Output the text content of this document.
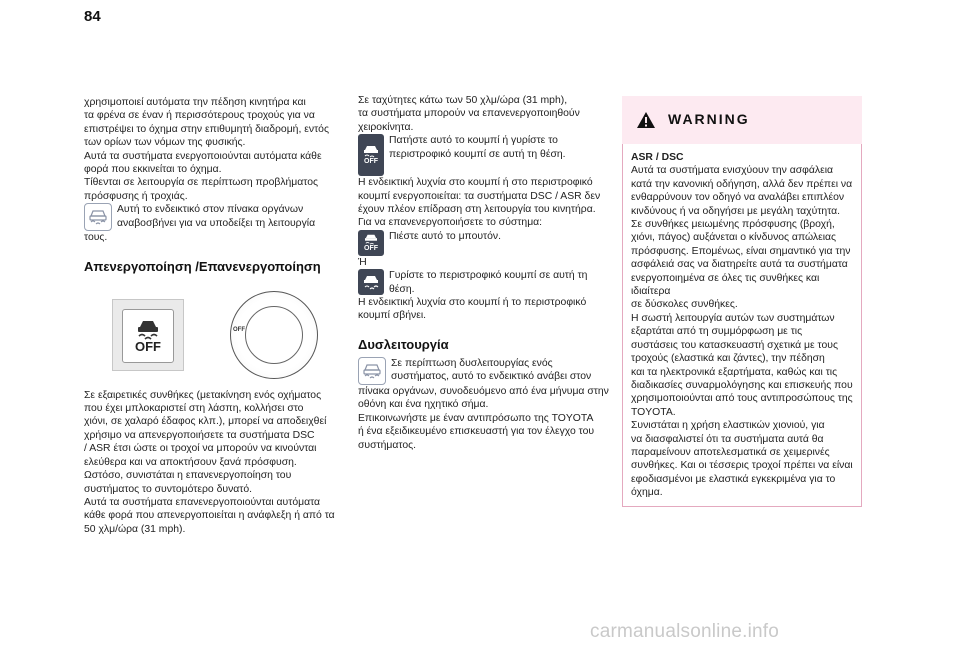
84

χρησιμοποιεί αυτόματα την πέδηση κινητήρα και

τα φρένα σε έναν ή περισσότερους τροχούς για να

επιστρέψει το όχημα στην επιθυμητή διαδρομή, εντός

των ορίων των νόμων της φυσικής.

Αυτά τα συστήματα ενεργοποιούνται αυτόματα κάθε

φορά που εκκινείται το όχημα.

Τίθενται σε λειτουργία σε περίπτωση προβλήματος

πρόσφυσης ή τροχιάς.

Αυτή το ενδεικτικό στον πίνακα οργάνων

αναβοσβήνει για να υποδείξει τη λειτουργία

τους.

Απενεργοποίηση /Επανενεργοποίηση
OFF
OFF

Σε εξαιρετικές συνθήκες (μετακίνηση ενός οχήματος

που έχει μπλοκαριστεί στη λάσπη, κολλήσει στο

χιόνι, σε χαλαρό έδαφος κλπ.), μπορεί να αποδειχθεί

χρήσιμο να απενεργοποιήσετε τα συστήματα DSC

/ ASR έτσι ώστε οι τροχοί να μπορούν να κινούνται

ελεύθερα και να αποκτήσουν ξανά πρόσφυση.

Ωστόσο, συνιστάται η επανενεργοποίηση του

συστήματος το συντομότερο δυνατό.

Αυτά τα συστήματα επανενεργοποιούνται αυτόματα

κάθε φορά που απενεργοποιείται η ανάφλεξη ή από τα

50 χλμ/ώρα (31 mph).

Σε ταχύτητες κάτω των 50 χλμ/ώρα (31 mph),

τα συστήματα μπορούν να επανενεργοποιηθούν

χειροκίνητα.

OFF

Πατήστε αυτό το κουμπί ή γυρίστε το

περιστροφικό κουμπί σε αυτή τη θέση.

Η ενδεικτική λυχνία στο κουμπί ή στο περιστροφικό

κουμπί ενεργοποιείται: τα συστήματα DSC / ASR δεν

έχουν πλέον επίδραση στη λειτουργία του κινητήρα.

Για να επανενεργοποιήσετε το σύστημα:

OFF

Πιέστε αυτό το μπουτόν.

Ή

Γυρίστε το περιστροφικό κουμπί σε αυτή τη

θέση.

Η ενδεικτική λυχνία στο κουμπί ή το περιστροφικό

κουμπί σβήνει.

Δυσλειτουργία

Σε περίπτωση δυσλειτουργίας ενός

συστήματος, αυτό το ενδεικτικό ανάβει στον

πίνακα οργάνων, συνοδευόμενο από ένα μήνυμα στην

οθόνη και ένα ηχητικό σήμα.

Επικοινωνήστε με έναν αντιπρόσωπο της TOYOTA

ή ένα εξειδικευμένο επισκευαστή για τον έλεγχο του

συστήματος.

WARNING

ASR / DSC

Αυτά τα συστήματα ενισχύουν την ασφάλεια

κατά την κανονική οδήγηση, αλλά δεν πρέπει να

ενθαρρύνουν τον οδηγό να αναλάβει επιπλέον

κινδύνους ή να οδηγήσει με μεγάλη ταχύτητα.

Σε συνθήκες μειωμένης πρόσφυσης (βροχή,

χιόνι, πάγος) αυξάνεται ο κίνδυνος απώλειας

πρόσφυσης. Επομένως, είναι σημαντικό για την

ασφάλειά σας να διατηρείτε αυτά τα συστήματα

ενεργοποιημένα σε όλες τις συνθήκες και ιδιαίτερα

σε δύσκολες συνθήκες.

Η σωστή λειτουργία αυτών των συστημάτων

εξαρτάται από τη συμμόρφωση με τις

συστάσεις του κατασκευαστή σχετικά με τους

τροχούς (ελαστικά και ζάντες), την πέδηση

και τα ηλεκτρονικά εξαρτήματα, καθώς και τις

διαδικασίες συναρμολόγησης και επισκευής που

χρησιμοποιούνται από τους αντιπροσώπους της

TOYOTA.

Συνιστάται η χρήση ελαστικών χιονιού, για

να διασφαλιστεί ότι τα συστήματα αυτά θα

παραμείνουν αποτελεσματικά σε χειμερινές

συνθήκες. Και οι τέσσερις τροχοί πρέπει να είναι

εφοδιασμένοι με ελαστικά εγκεκριμένα για το

όχημα.

carmanualsonline.info
